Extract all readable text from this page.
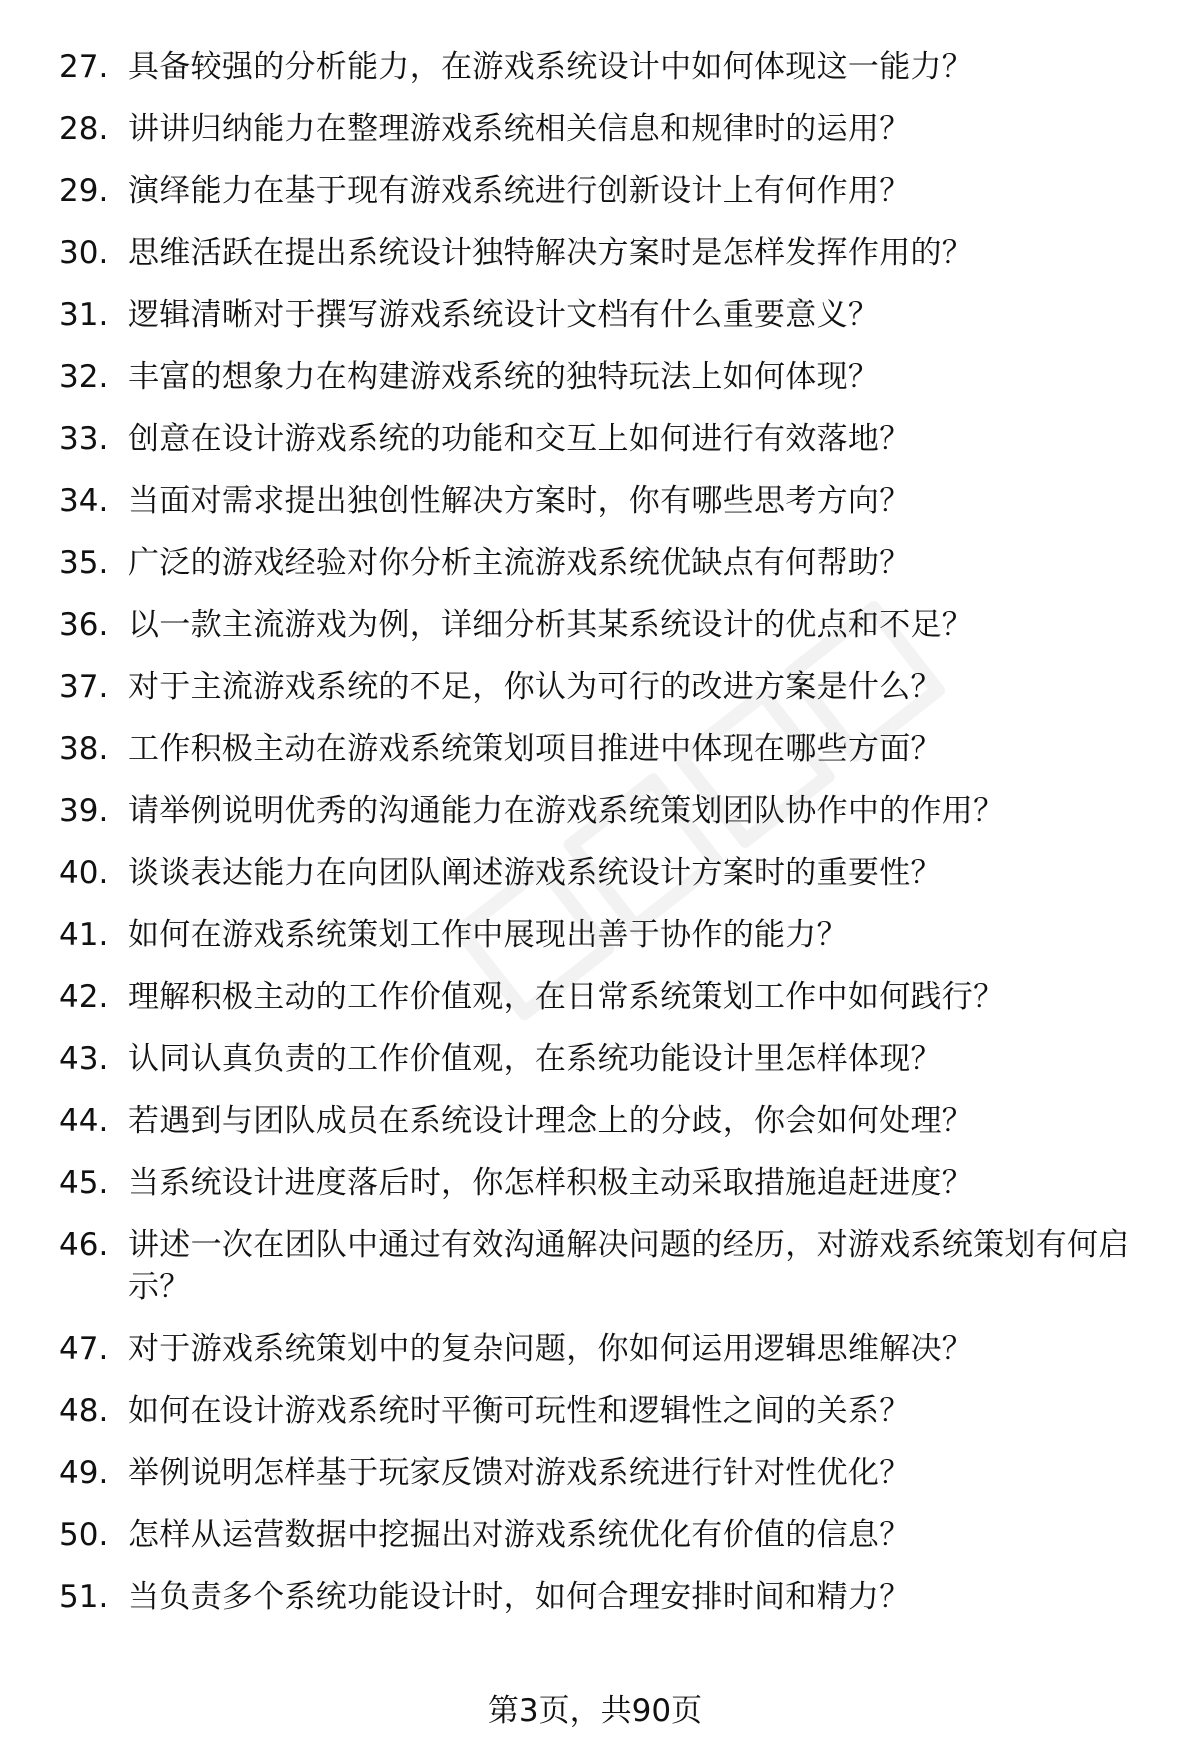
27. 具备较强的分析能力，在游戏系统设计中如何体现这一能力？
28. 讲讲归纳能力在整理游戏系统相关信息和规律时的运用？
29. 演绎能力在基于现有游戏系统进行创新设计上有何作用？
30. 思维活跃在提出系统设计独特解决方案时是怎样发挥作用的？
31. 逻辑清晰对于撰写游戏系统设计文档有什么重要意义？
32. 丰富的想象力在构建游戏系统的独特玩法上如何体现？
33. 创意在设计游戏系统的功能和交互上如何进行有效落地？
34. 当面对需求提出独创性解决方案时，你有哪些思考方向？
35. 广泛的游戏经验对你分析主流游戏系统优缺点有何帮助？
36. 以一款主流游戏为例，详细分析其某系统设计的优点和不足？
37. 对于主流游戏系统的不足，你认为可行的改进方案是什么？
38. 工作积极主动在游戏系统策划项目推进中体现在哪些方面？
39. 请举例说明优秀的沟通能力在游戏系统策划团队协作中的作用？
40. 谈谈表达能力在向团队阐述游戏系统设计方案时的重要性？
41. 如何在游戏系统策划工作中展现出善于协作的能力？
42. 理解积极主动的工作价值观，在日常系统策划工作中如何践行？
43. 认同认真负责的工作价值观，在系统功能设计里怎样体现？
44. 若遇到与团队成员在系统设计理念上的分歧，你会如何处理？
45. 当系统设计进度落后时，你怎样积极主动采取措施追赶进度？
46. 讲述一次在团队中通过有效沟通解决问题的经历，对游戏系统策划有何启示？
47. 对于游戏系统策划中的复杂问题，你如何运用逻辑思维解决？
48. 如何在设计游戏系统时平衡可玩性和逻辑性之间的关系？
49. 举例说明怎样基于玩家反馈对游戏系统进行针对性优化？
50. 怎样从运营数据中挖掘出对游戏系统优化有价值的信息？
51. 当负责多个系统功能设计时，如何合理安排时间和精力？
第3页，共90页
